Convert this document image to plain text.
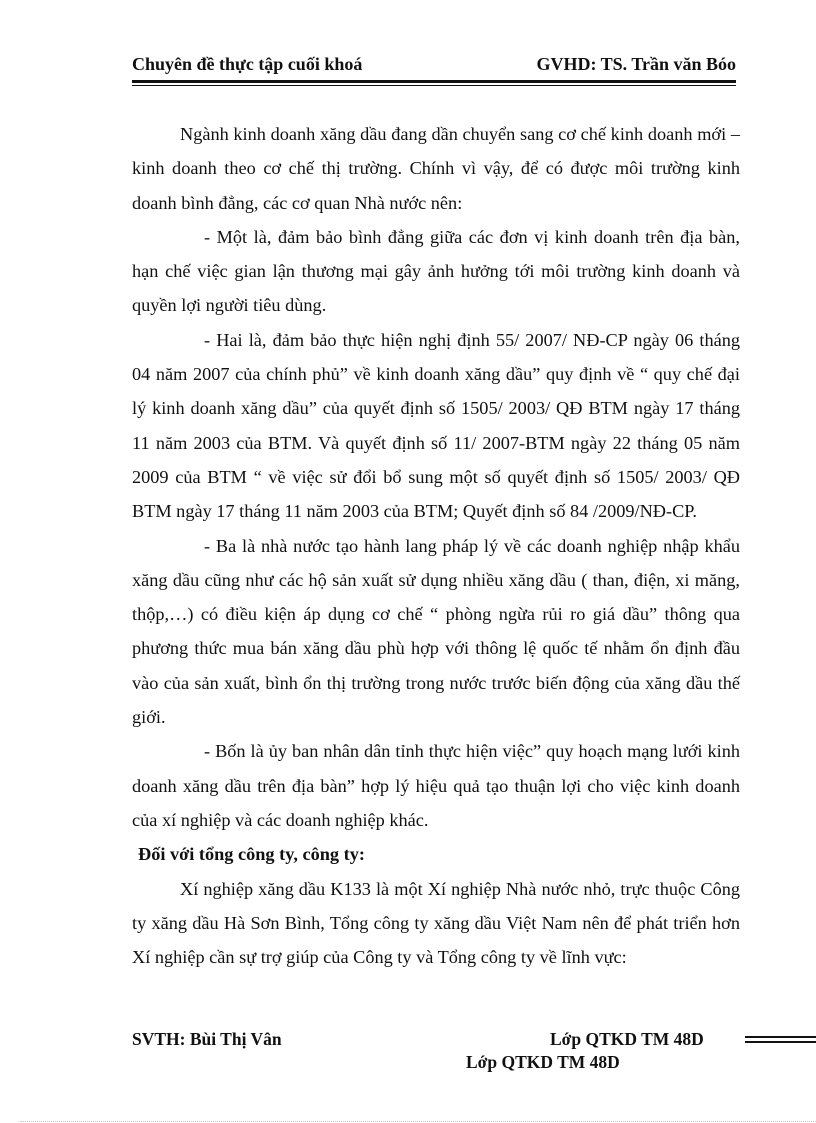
Chuyên đề thực tập cuối khoá	GVHD: TS. Trần văn Bóo

Ngành kinh doanh xăng dầu đang dần chuyển sang cơ chế kinh doanh mới – kinh doanh theo cơ chế thị trường. Chính vì vậy, để có được môi trường kinh doanh bình đẳng, các cơ quan Nhà nước nên:

- Một là, đảm bảo bình đẳng giữa các đơn vị kinh doanh trên địa bàn, hạn chế việc gian lận thương mại gây ảnh hưởng tới môi trường kinh doanh và quyền lợi người tiêu dùng.

- Hai là, đảm bảo thực hiện nghị định 55/ 2007/ NĐ-CP ngày 06 tháng 04 năm 2007 của chính phủ” về kinh doanh xăng dầu” quy định về “ quy chế đại lý kinh doanh xăng dầu” của quyết định số 1505/ 2003/ QĐ BTM ngày 17 tháng 11 năm 2003 của BTM. Và quyết định số 11/ 2007-BTM ngày 22 tháng 05 năm 2009 của BTM “ về việc sử đổi bổ sung một số quyết định số 1505/ 2003/ QĐ BTM ngày 17 tháng 11 năm 2003 của BTM; Quyết định số 84 /2009/NĐ-CP.

- Ba là nhà nước tạo hành lang pháp lý về các doanh nghiệp nhập khẩu xăng dầu cũng như các hộ sản xuất sử dụng nhiều xăng dầu ( than, điện, xi măng, thộp,…) có điều kiện áp dụng cơ chế “ phòng ngừa rủi ro giá dầu” thông qua phương thức mua bán xăng dầu phù hợp với thông lệ quốc tế nhằm ổn định đầu vào của sản xuất, bình ổn thị trường trong nước trước biến động của xăng dầu thế giới.

- Bốn là ủy ban nhân dân tỉnh thực hiện việc” quy hoạch mạng lưới kinh doanh xăng dầu trên địa bàn” hợp lý hiệu quả tạo thuận lợi cho việc kinh doanh của xí nghiệp và các doanh nghiệp khác.

Đối với tổng công ty, công ty:

Xí nghiệp xăng dầu K133 là một Xí nghiệp Nhà nước nhỏ, trực thuộc Công ty xăng dầu Hà Sơn Bình, Tổng công ty xăng dầu Việt Nam nên để phát triển hơn Xí nghiệp cần sự trợ giúp của Công ty và Tổng công ty về lĩnh vực:

SVTH: Bùi Thị Vân	Lớp QTKD TM 48D
Lớp QTKD TM 48D
